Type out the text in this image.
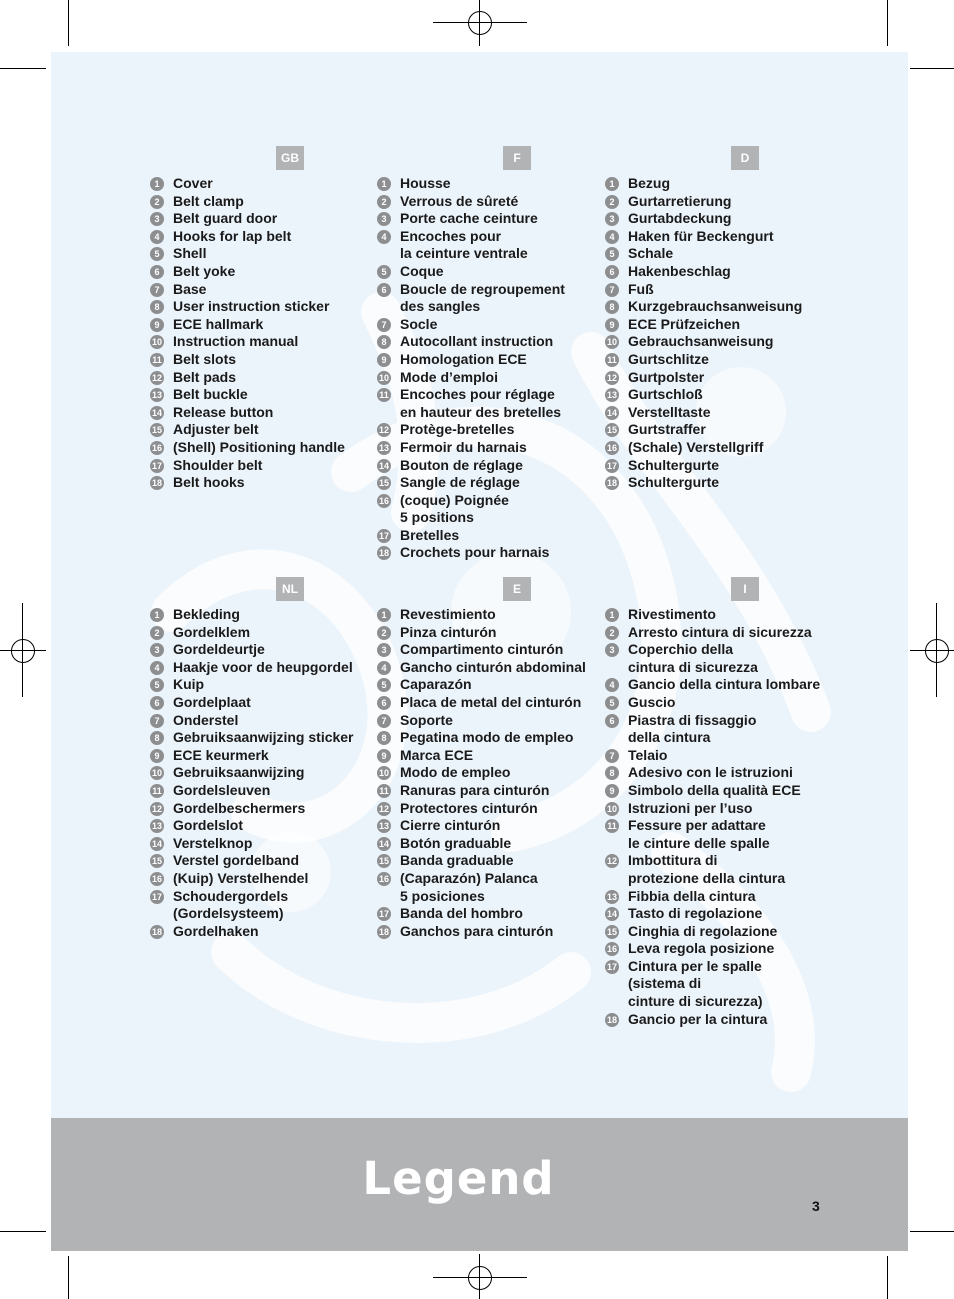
GB
1 Cover
2 Belt clamp
3 Belt guard door
4 Hooks for lap belt
5 Shell
6 Belt yoke
7 Base
8 User instruction sticker
9 ECE hallmark
10 Instruction manual
11 Belt slots
12 Belt pads
13 Belt buckle
14 Release button
15 Adjuster belt
16 (Shell) Positioning handle
17 Shoulder belt
18 Belt hooks
F
1 Housse
2 Verrous de sûreté
3 Porte cache ceinture
4 Encoches pour
la ceinture ventrale
5 Coque
6 Boucle de regroupement
des sangles
7 Socle
8 Autocollant instruction
9 Homologation ECE
10 Mode d’emploi
11 Encoches pour réglage
en hauteur des bretelles
12 Protège-bretelles
13 Fermoir du harnais
14 Bouton de réglage
15 Sangle de réglage
16 (coque) Poignée
5 positions
17 Bretelles
18 Crochets pour harnais
D
1 Bezug
2 Gurtarretierung
3 Gurtabdeckung
4 Haken für Beckengurt
5 Schale
6 Hakenbeschlag
7 Fuß
8 Kurzgebrauchsanweisung
9 ECE Prüfzeichen
10 Gebrauchsanweisung
11 Gurtschlitze
12 Gurtpolster
13 Gurtschloß
14 Verstelltaste
15 Gurtstraffer
16 (Schale) Verstellgriff
17 Schultergurte
18 Schultergurte
NL
1 Bekleding
2 Gordelklem
3 Gordeldeurtje
4 Haakje voor de heupgordel
5 Kuip
6 Gordelplaat
7 Onderstel
8 Gebruiksaanwijzing sticker
9 ECE keurmerk
10 Gebruiksaanwijzing
11 Gordelsleuven
12 Gordelbeschermers
13 Gordelslot
14 Verstelknop
15 Verstel gordelband
16 (Kuip) Verstelhendel
17 Schoudergordels
(Gordelsysteem)
18 Gordelhaken
E
1 Revestimiento
2 Pinza cinturón
3 Compartimento cinturón
4 Gancho cinturón abdominal
5 Caparazón
6 Placa de metal del cinturón
7 Soporte
8 Pegatina modo de empleo
9 Marca ECE
10 Modo de empleo
11 Ranuras para cinturón
12 Protectores cinturón
13 Cierre cinturón
14 Botón graduable
15 Banda graduable
16 (Caparazón) Palanca
5 posiciones
17 Banda del hombro
18 Ganchos para cinturón
I
1 Rivestimento
2 Arresto cintura di sicurezza
3 Coperchio della
cintura di sicurezza
4 Gancio della cintura lombare
5 Guscio
6 Piastra di fissaggio
della cintura
7 Telaio
8 Adesivo con le istruzioni
9 Simbolo della qualità ECE
10 Istruzioni per l’uso
11 Fessure per adattare
le cinture delle spalle
12 Imbottitura di
protezione della cintura
13 Fibbia della cintura
14 Tasto di regolazione
15 Cinghia di regolazione
16 Leva regola posizione
17 Cintura per le spalle
(sistema di
cinture di sicurezza)
18 Gancio per la cintura
Legend
3
